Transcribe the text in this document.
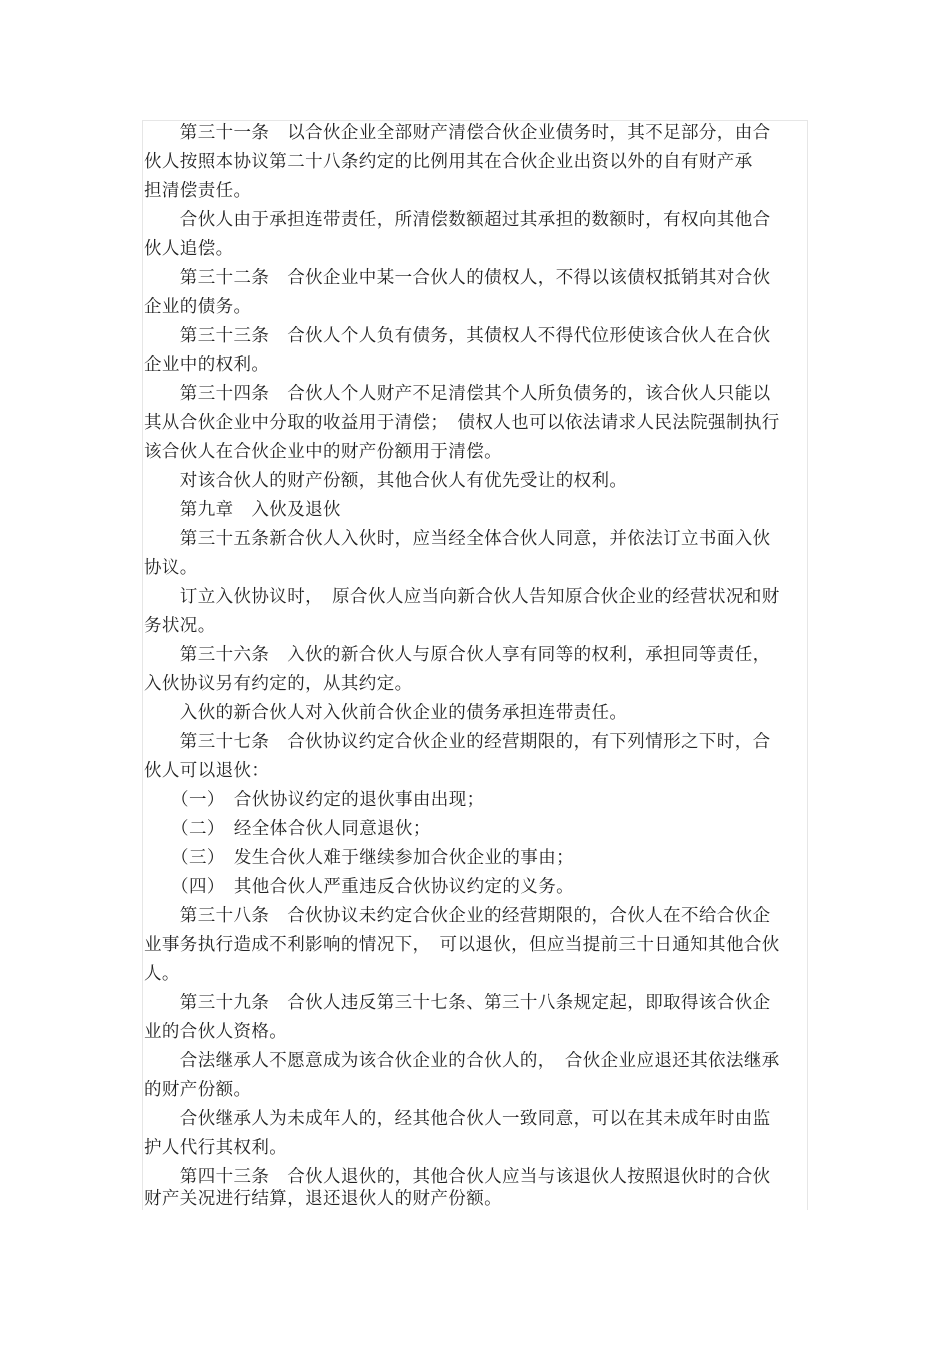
　　第三十一条　以合伙企业全部财产清偿合伙企业债务时，其不足部分，由合
伙人按照本协议第二十八条约定的比例用其在合伙企业出资以外的自有财产承
担清偿责任。
　　合伙人由于承担连带责任，所清偿数额超过其承担的数额时，有权向其他合
伙人追偿。
　　第三十二条　合伙企业中某一合伙人的债权人，不得以该债权抵销其对合伙
企业的债务。
　　第三十三条　合伙人个人负有债务，其债权人不得代位形使该合伙人在合伙
企业中的权利。
　　第三十四条　合伙人个人财产不足清偿其个人所负债务的，该合伙人只能以
其从合伙企业中分取的收益用于清偿；　债权人也可以依法请求人民法院强制执行
该合伙人在合伙企业中的财产份额用于清偿。
　　对该合伙人的财产份额，其他合伙人有优先受让的权利。
　　第九章　入伙及退伙
　　第三十五条新合伙人入伙时，应当经全体合伙人同意，并依法订立书面入伙
协议。
　　订立入伙协议时，　原合伙人应当向新合伙人告知原合伙企业的经营状况和财
务状况。
　　第三十六条　入伙的新合伙人与原合伙人享有同等的权利，承担同等责任，
入伙协议另有约定的，从其约定。
　　入伙的新合伙人对入伙前合伙企业的债务承担连带责任。
　　第三十七条　合伙协议约定合伙企业的经营期限的，有下列情形之下时，合
伙人可以退伙：
　　（一）　合伙协议约定的退伙事由出现；
　　（二）　经全体合伙人同意退伙；
　　（三）　发生合伙人难于继续参加合伙企业的事由；
　　（四）　其他合伙人严重违反合伙协议约定的义务。
　　第三十八条　合伙协议未约定合伙企业的经营期限的，合伙人在不给合伙企
业事务执行造成不利影响的情况下，　可以退伙，但应当提前三十日通知其他合伙
人。
　　第三十九条　合伙人违反第三十七条、第三十八条规定起，即取得该合伙企
业的合伙人资格。
　　合法继承人不愿意成为该合伙企业的合伙人的，　合伙企业应退还其依法继承
的财产份额。
　　合伙继承人为未成年人的，经其他合伙人一致同意，可以在其未成年时由监
护人代行其权利。
　　第四十三条　合伙人退伙的，其他合伙人应当与该退伙人按照退伙时的合伙
财产关况进行结算，退还退伙人的财产份额。
